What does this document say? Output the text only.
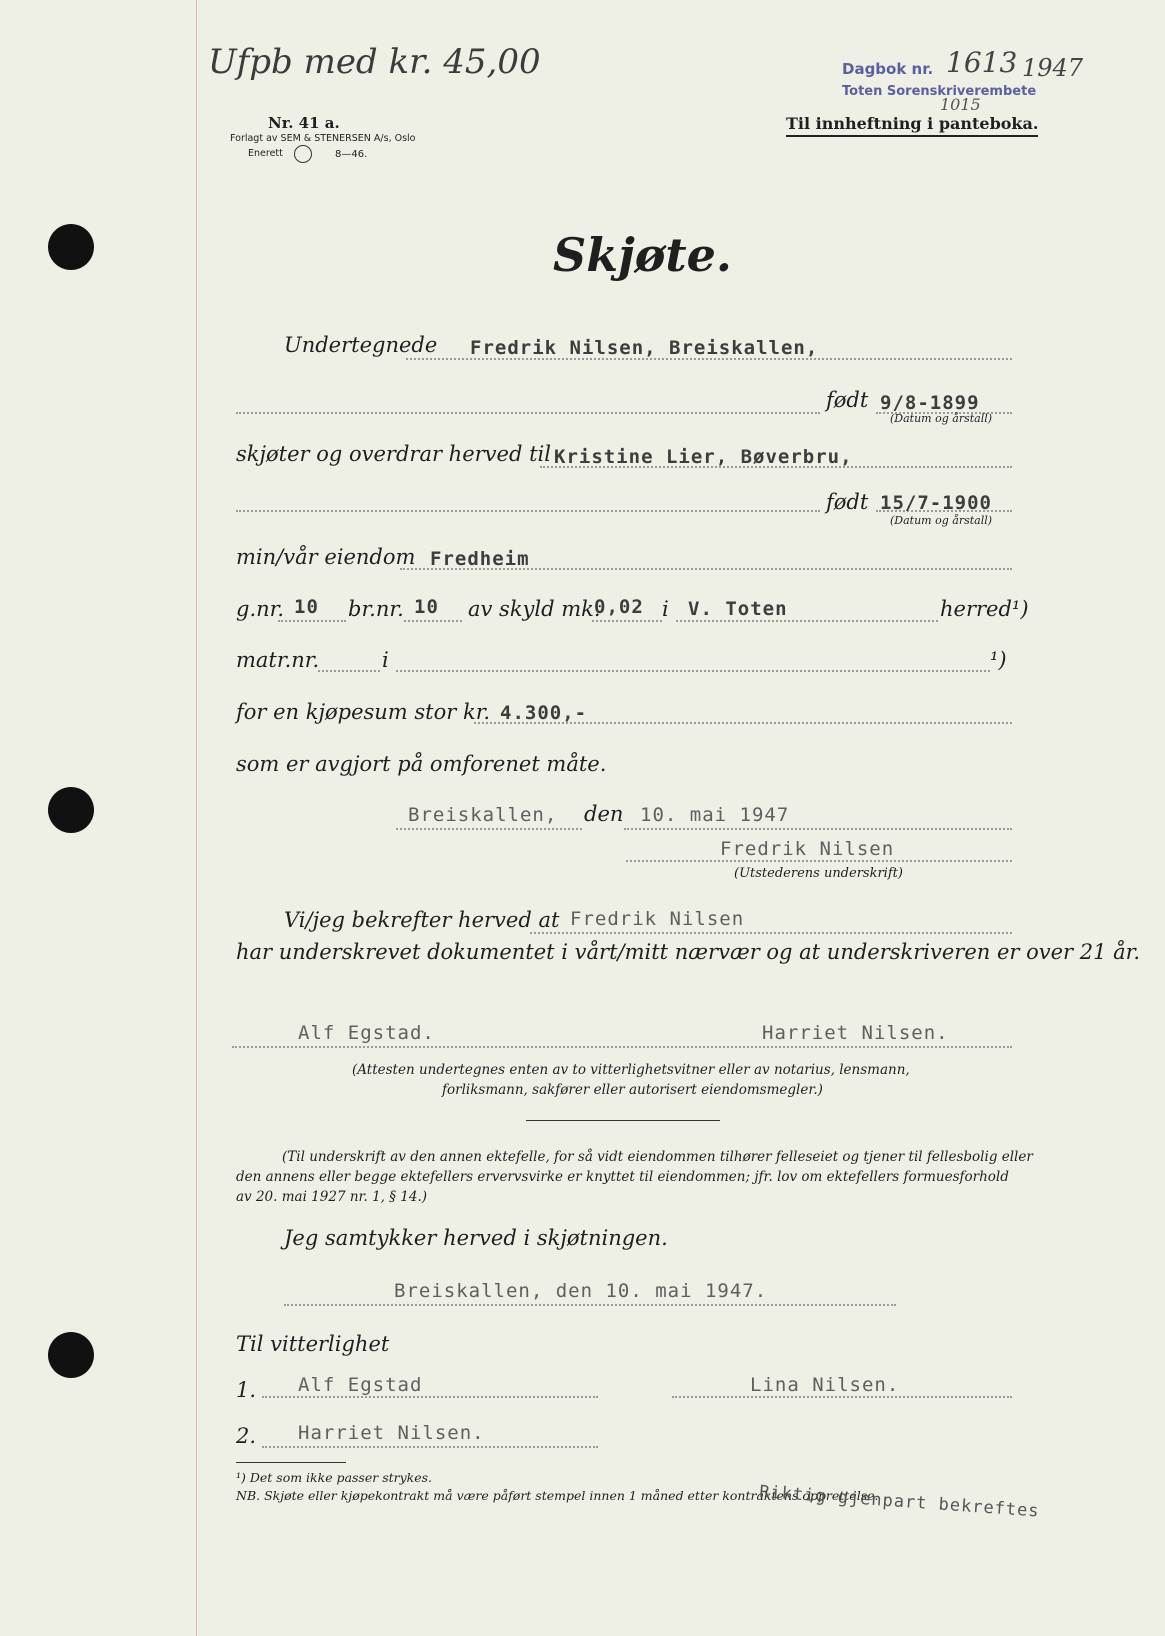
Ufpb med kr. 45,00
Nr. 41 a.
Forlagt av SEM & STENERSEN A/s, Oslo
Enerett	8—46.
Dagbok nr. 1613 1947
Toten Sorenskriverembete
1015
Til innheftning i panteboka.
Skjøte.
Undertegnede Fredrik Nilsen, Breiskallen,
født 9/8-1899
(Datum og årstall)
skjøter og overdrar herved til Kristine Lier, Bøverbru,
født 15/7-1900
(Datum og årstall)
min/vår eiendom Fredheim
g.nr. 10 br.nr. 10 av skyld mk.
0,02 i V. Toten	herred¹)
matr.nr.	i	¹)
for en kjøpesum stor kr. 4.300,-
som er avgjort på omforenet måte.
Breiskallen, den 10. mai 1947
Fredrik Nilsen
(Utstederens underskrift)
Vi/jeg bekrefter herved at Fredrik Nilsen
har underskrevet dokumentet i vårt/mitt nærvær og at underskriveren er over 21 år.
Alf Egstad.	Harriet Nilsen.
(Attesten undertegnes enten av to vitterlighetsvitner eller av notarius, lensmann,
forliksmann, sakfører eller autorisert eiendomsmegler.)
(Til underskrift av den annen ektefelle, for så vidt eiendommen tilhører felleseiet og tjener til fellesbolig eller
den annens eller begge ektefellers ervervsvirke er knyttet til eiendommen; jfr. lov om ektefellers formuesforhold
av 20. mai 1927 nr. 1, § 14.)
Jeg samtykker herved i skjøtningen.
Breiskallen, den 10. mai 1947.
Til vitterlighet
1. Alf Egstad	Lina Nilsen.
2. Harriet Nilsen.
¹) Det som ikke passer strykes.
NB. Skjøte eller kjøpekontrakt må være påført stempel innen 1 måned etter kontraktens opprettelse.
Riktig gjenpart bekreftes
